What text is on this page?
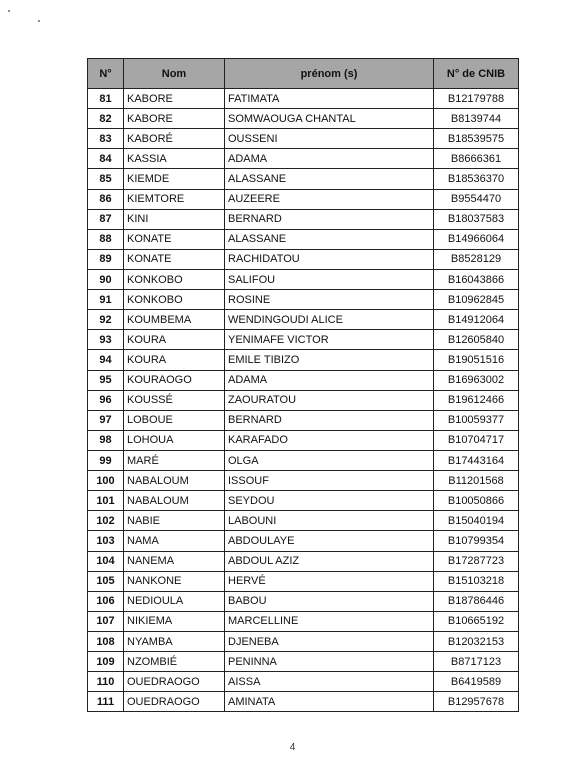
N°	Nom	prénom (s)	N° de CNIB
81	KABORE	FATIMATA	B12179788
82	KABORE	SOMWAOUGA CHANTAL	B8139744
83	KABORÉ	OUSSENI	B18539575
84	KASSIA	ADAMA	B8666361
85	KIEMDE	ALASSANE	B18536370
86	KIEMTORE	AUZEERE	B9554470
87	KINI	BERNARD	B18037583
88	KONATE	ALASSANE	B14966064
89	KONATE	RACHIDATOU	B8528129
90	KONKOBO	SALIFOU	B16043866
91	KONKOBO	ROSINE	B10962845
92	KOUMBEMA	WENDINGOUDI ALICE	B14912064
93	KOURA	YENIMAFE VICTOR	B12605840
94	KOURA	EMILE TIBIZO	B19051516
95	KOURAOGO	ADAMA	B16963002
96	KOUSSÉ	ZAOURATOU	B19612466
97	LOBOUE	BERNARD	B10059377
98	LOHOUA	KARAFADO	B10704717
99	MARÉ	OLGA	B17443164
100	NABALOUM	ISSOUF	B11201568
101	NABALOUM	SEYDOU	B10050866
102	NABIE	LABOUNI	B15040194
103	NAMA	ABDOULAYE	B10799354
104	NANEMA	ABDOUL AZIZ	B17287723
105	NANKONE	HERVÉ	B15103218
106	NEDIOULA	BABOU	B18786446
107	NIKIEMA	MARCELLINE	B10665192
108	NYAMBA	DJENEBA	B12032153
109	NZOMBIÉ	PENINNA	B8717123
110	OUEDRAOGO	AISSA	B6419589
111	OUEDRAOGO	AMINATA	B12957678
4
